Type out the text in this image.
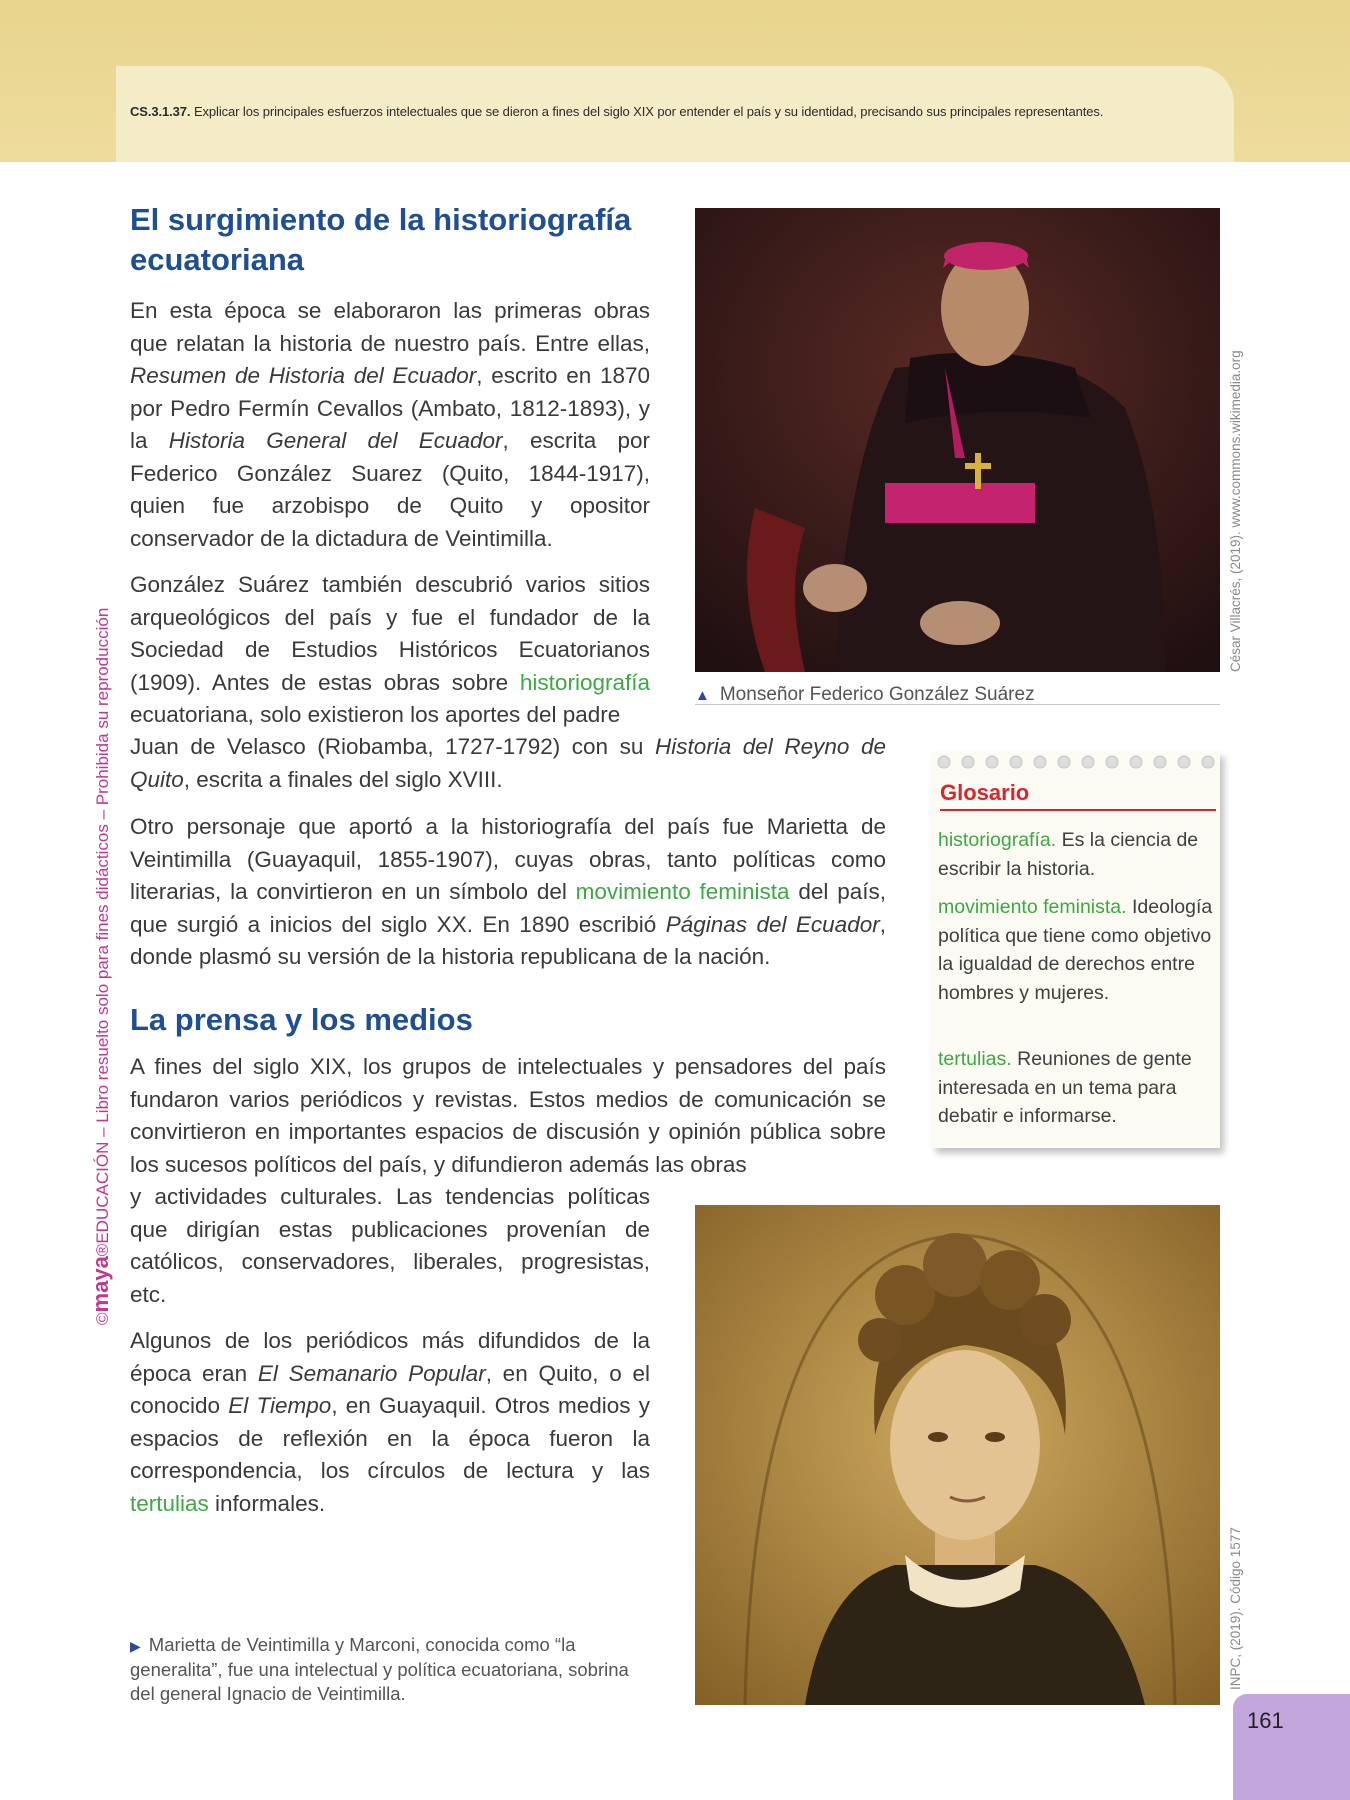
CS.3.1.37. Explicar los principales esfuerzos intelectuales que se dieron a fines del siglo XIX por entender el país y su identidad, precisando sus principales representantes.
©maya®EDUCACIÓN – Libro resuelto solo para fines didácticos – Prohibida su reproducción
El surgimiento de la historiografía ecuatoriana

En esta época se elaboraron las primeras obras que relatan la historia de nuestro país. Entre ellas, Resumen de Historia del Ecuador, escrito en 1870 por Pedro Fermín Cevallos (Ambato, 1812-1893), y la Historia General del Ecuador, escrita por Federico González Suarez (Quito, 1844-1917), quien fue arzobispo de Quito y opositor conservador de la dictadura de Veintimilla.

González Suárez también descubrió varios sitios arqueológicos del país y fue el fundador de la Sociedad de Estudios Históricos Ecuatorianos (1909). Antes de estas obras sobre historiografía ecuatoriana, solo existieron los aportes del padre

Juan de Velasco (Riobamba, 1727-1792) con su Historia del Reyno de Quito, escrita a finales del siglo XVIII.

Otro personaje que aportó a la historiografía del país fue Marietta de Veintimilla (Guayaquil, 1855-1907), cuyas obras, tanto políticas como literarias, la convirtieron en un símbolo del movimiento feminista del país, que surgió a inicios del siglo XX. En 1890 escribió Páginas del Ecuador, donde plasmó su versión de la historia republicana de la nación.

César Villacrés, (2019). www.commons.wikimedia.org
▲ Monseñor Federico González Suárez
Glosario
historiografía. Es la ciencia de escribir la historia.
movimiento feminista. Ideología política que tiene como objetivo la igualdad de derechos entre hombres y mujeres.
tertulias. Reuniones de gente interesada en un tema para debatir e informarse.
La prensa y los medios

A fines del siglo XIX, los grupos de intelectuales y pensadores del país fundaron varios periódicos y revistas. Estos medios de comunicación se convirtieron en importantes espacios de discusión y opinión pública sobre los sucesos políticos del país, y difundieron además las obras

y actividades culturales. Las tendencias políticas que dirigían estas publicaciones provenían de católicos, conservadores, liberales, progresistas, etc.

Algunos de los periódicos más difundidos de la época eran El Semanario Popular, en Quito, o el conocido El Tiempo, en Guayaquil. Otros medios y espacios de reflexión en la época fueron la correspondencia, los círculos de lectura y las tertulias informales.

INPC, (2019). Código 1577
▶ Marietta de Veintimilla y Marconi, conocida como “la generalita”, fue una intelectual y política ecuatoriana, sobrina del general Ignacio de Veintimilla.
161
